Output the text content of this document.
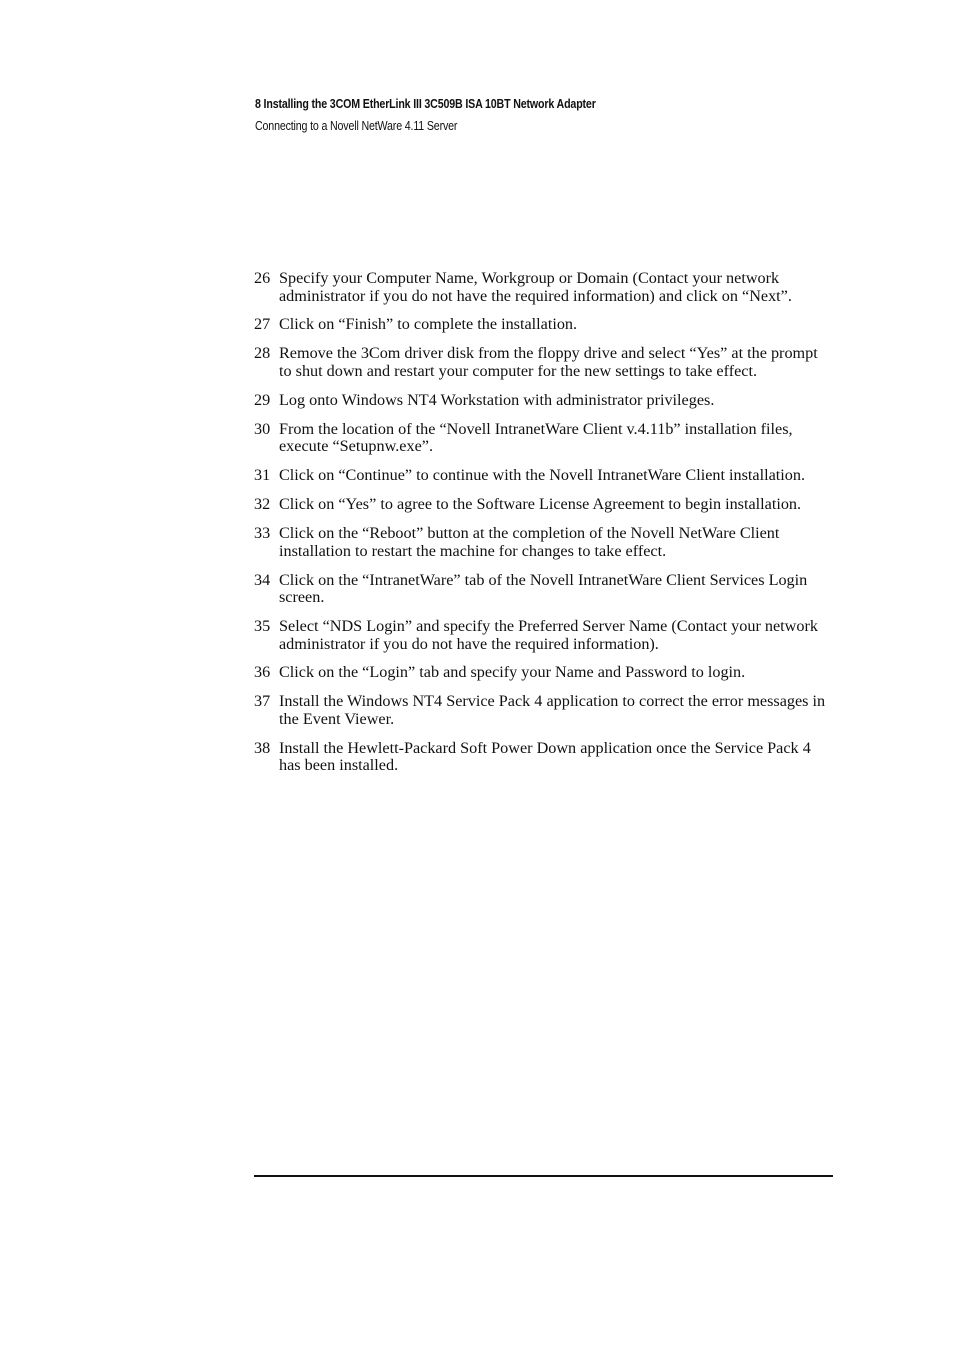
8 Installing the 3COM EtherLink III 3C509B ISA 10BT Network Adapter
Connecting to a Novell NetWare 4.11 Server
26 Specify your Computer Name, Workgroup or Domain (Contact your network administrator if you do not have the required information) and click on “Next”.
27 Click on “Finish” to complete the installation.
28 Remove the 3Com driver disk from the floppy drive and select “Yes” at the prompt to shut down and restart your computer for the new settings to take effect.
29 Log onto Windows NT4 Workstation with administrator privileges.
30 From the location of the “Novell IntranetWare Client v.4.11b” installation files, execute “Setupnw.exe”.
31 Click on “Continue” to continue with the Novell IntranetWare Client installation.
32 Click on “Yes” to agree to the Software License Agreement to begin installation.
33 Click on the “Reboot” button at the completion of the Novell NetWare Client installation to restart the machine for changes to take effect.
34 Click on the “IntranetWare” tab of the Novell IntranetWare Client Services Login screen.
35 Select “NDS Login” and specify the Preferred Server Name (Contact your network administrator if you do not have the required information).
36 Click on the “Login” tab and specify your Name and Password to login.
37 Install the Windows NT4 Service Pack 4 application to correct the error messages in the Event Viewer.
38 Install the Hewlett-Packard Soft Power Down application once the Service Pack 4 has been installed.
